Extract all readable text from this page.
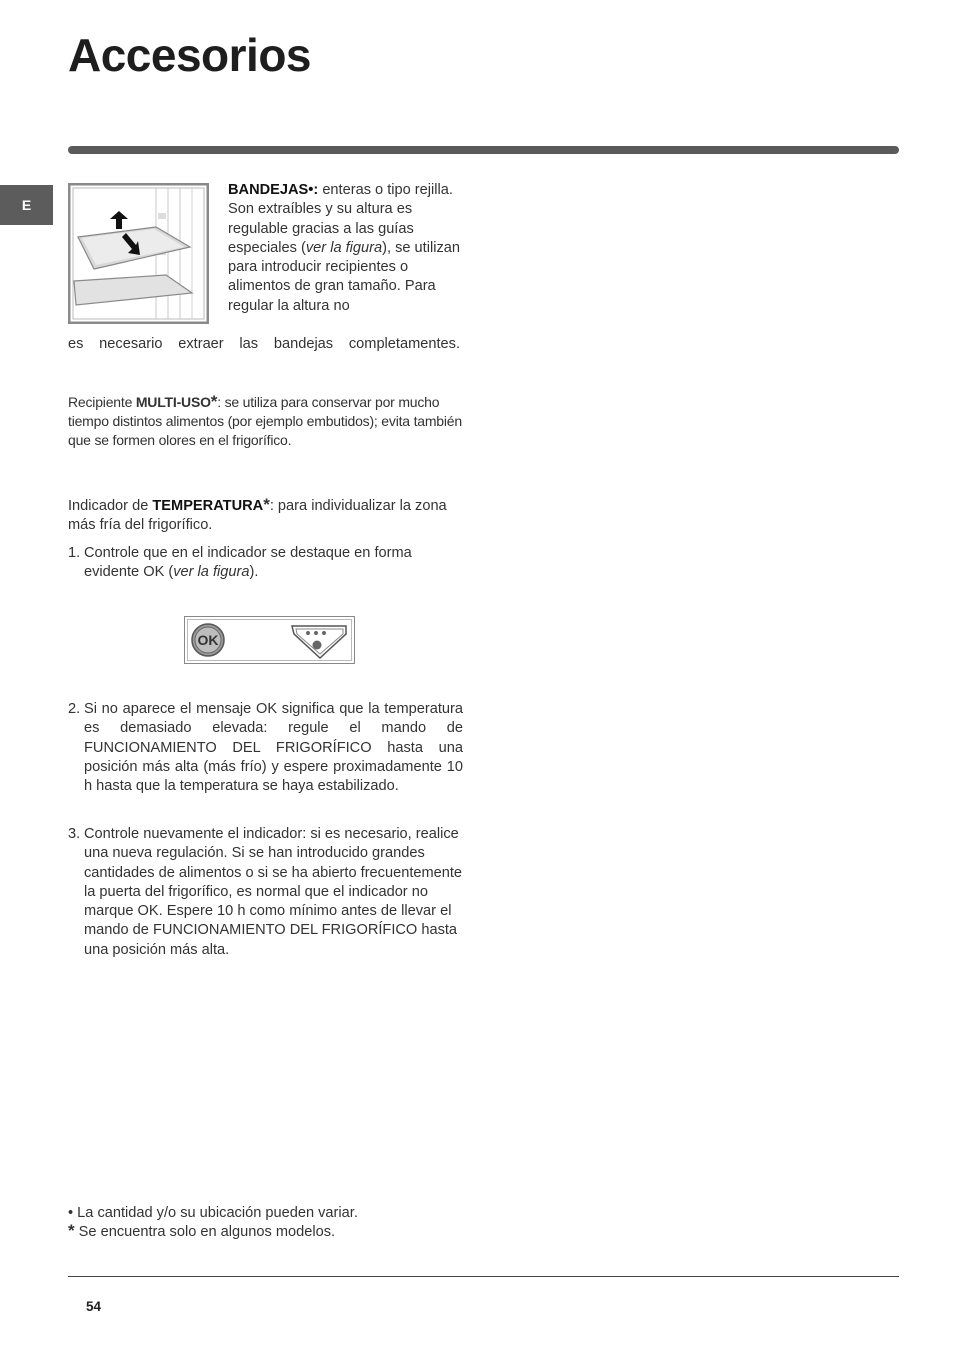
Accesorios
E
BANDEJAS•: enteras o tipo rejilla.
Son extraíbles y su altura es regulable gracias a las guías especiales (ver la figura), se utilizan para introducir recipientes o alimentos de gran tamaño. Para regular la altura no
es necesario extraer las bandejas completamentes.
Recipiente MULTI-USO*: se utiliza para conservar por mucho tiempo distintos alimentos (por ejemplo embutidos); evita también que se formen olores en el frigorífico.
Indicador de TEMPERATURA*: para individualizar la zona más fría del frigorífico.
1. Controle que en el indicador se destaque en forma evidente OK (ver la figura).
OK
2. Si no aparece el mensaje OK significa que la temperatura es demasiado elevada: regule el mando de FUNCIONAMIENTO DEL FRIGORÍFICO hasta una posición más alta (más frío) y espere proximadamente 10 h hasta que la temperatura se haya estabilizado.
3. Controle nuevamente el indicador: si es necesario, realice una nueva regulación. Si se han introducido grandes cantidades de alimentos o si se ha abierto frecuentemente la puerta del frigorífico, es normal que el indicador no marque OK. Espere 10 h como mínimo antes de llevar el mando de FUNCIONAMIENTO DEL FRIGORÍFICO hasta una posición más alta.
• La cantidad y/o su ubicación pueden variar.
* Se encuentra solo en algunos modelos.
54
